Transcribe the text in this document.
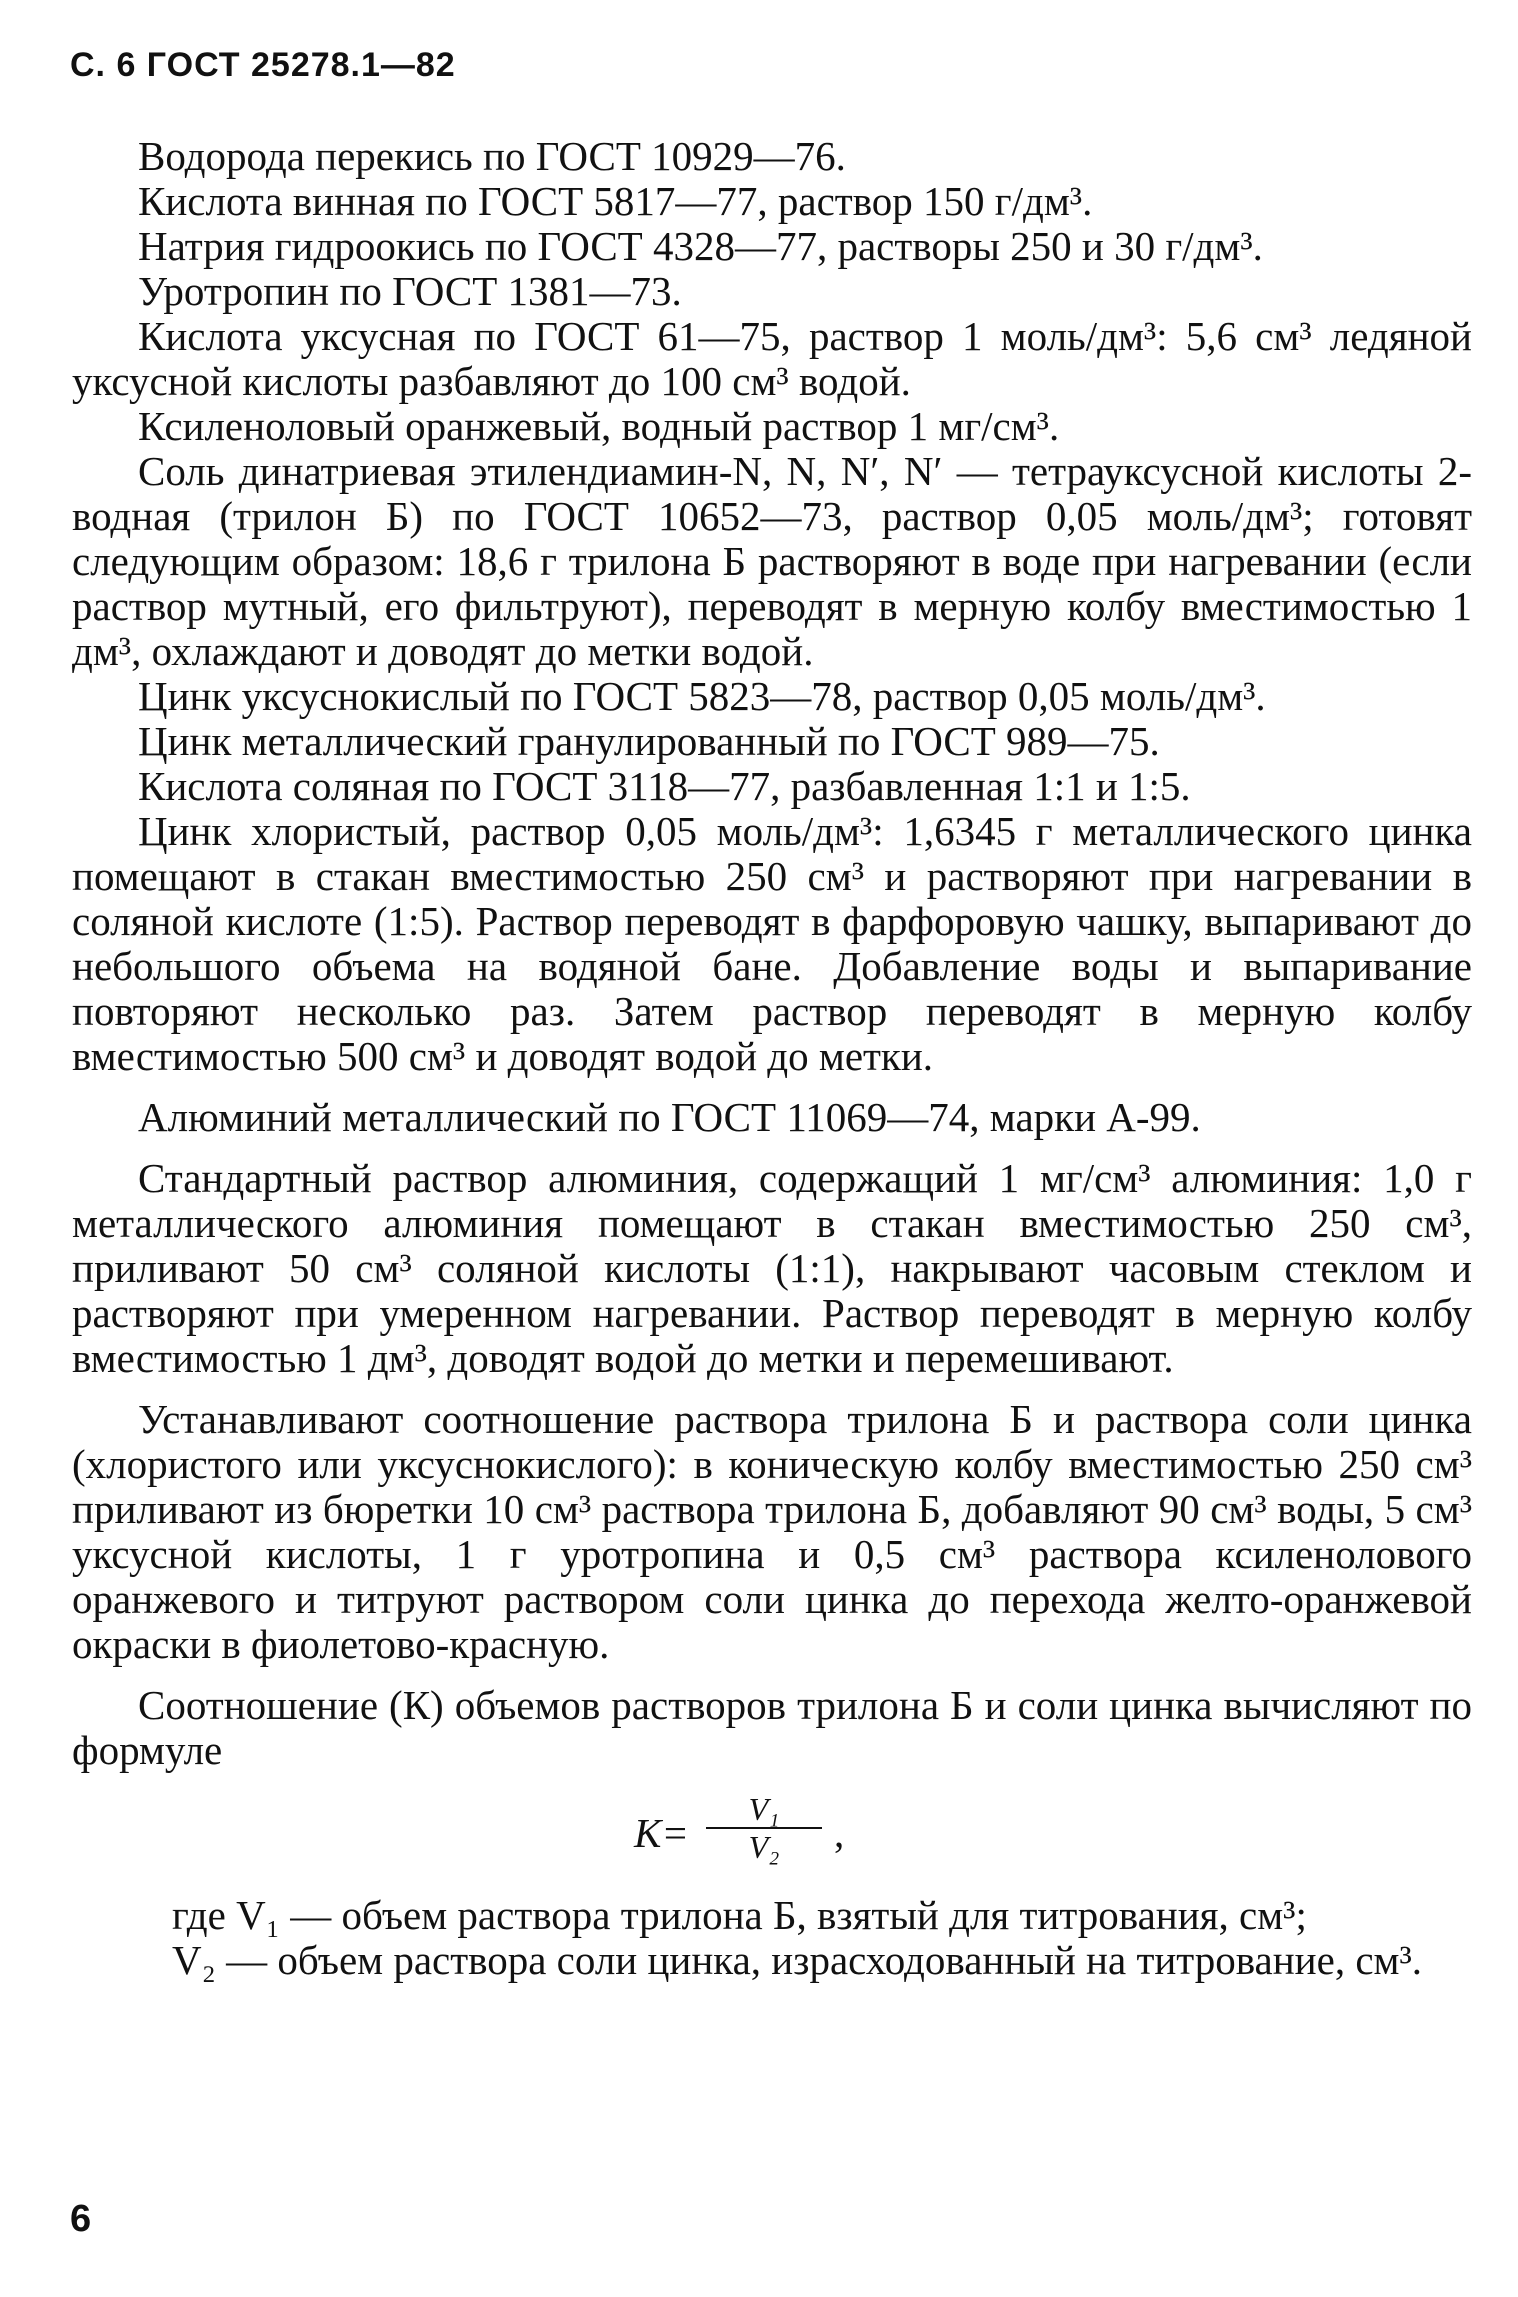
С. 6 ГОСТ 25278.1—82

Водорода перекись по ГОСТ 10929—76.

Кислота винная по ГОСТ 5817—77, раствор 150 г/дм³.

Натрия гидроокись по ГОСТ 4328—77, растворы 250 и 30 г/дм³.

Уротропин по ГОСТ 1381—73.

Кислота уксусная по ГОСТ 61—75, раствор 1 моль/дм³: 5,6 см³ ледяной уксусной кислоты разбавляют до 100 см³ водой.

Ксиленоловый оранжевый, водный раствор 1 мг/см³.

Соль динатриевая этилендиамин-N, N, N′, N′ — тетрауксусной кислоты 2-водная (трилон Б) по ГОСТ 10652—73, раствор 0,05 моль/дм³; готовят следующим образом: 18,6 г трилона Б растворяют в воде при нагревании (если раствор мутный, его фильтруют), переводят в мерную колбу вместимостью 1 дм³, охлаждают и доводят до метки водой.

Цинк уксуснокислый по ГОСТ 5823—78, раствор 0,05 моль/дм³.

Цинк металлический гранулированный по ГОСТ 989—75.

Кислота соляная по ГОСТ 3118—77, разбавленная 1:1 и 1:5.

Цинк хлористый, раствор 0,05 моль/дм³: 1,6345 г металлического цинка помещают в стакан вместимостью 250 см³ и растворяют при нагревании в соляной кислоте (1:5). Раствор переводят в фарфоровую чашку, выпаривают до небольшого объема на водяной бане. Добавление воды и выпаривание повторяют несколько раз. Затем раствор переводят в мерную колбу вместимостью 500 см³ и доводят водой до метки.

Алюминий металлический по ГОСТ 11069—74, марки А-99.

Стандартный раствор алюминия, содержащий 1 мг/см³ алюминия: 1,0 г металлического алюминия помещают в стакан вместимостью 250 см³, приливают 50 см³ соляной кислоты (1:1), накрывают часовым стеклом и растворяют при умеренном нагревании. Раствор переводят в мерную колбу вместимостью 1 дм³, доводят водой до метки и перемешивают.

Устанавливают соотношение раствора трилона Б и раствора соли цинка (хлористого или уксуснокислого): в коническую колбу вместимостью 250 см³ приливают из бюретки 10 см³ раствора трилона Б, добавляют 90 см³ воды, 5 см³ уксусной кислоты, 1 г уротропина и 0,5 см³ раствора ксиленолового оранжевого и титруют раствором соли цинка до перехода желто-оранжевой окраски в фиолетово-красную.

Соотношение (К) объемов растворов трилона Б и соли цинка вычисляют по формуле

$К= \frac{\text{V₁}}{\text{V₂}}$ ,
где V₁ — объем раствора трилона Б, взятый для титрования, см³;
V₂ — объем раствора соли цинка, израсходованный на титрование, см³.
6
